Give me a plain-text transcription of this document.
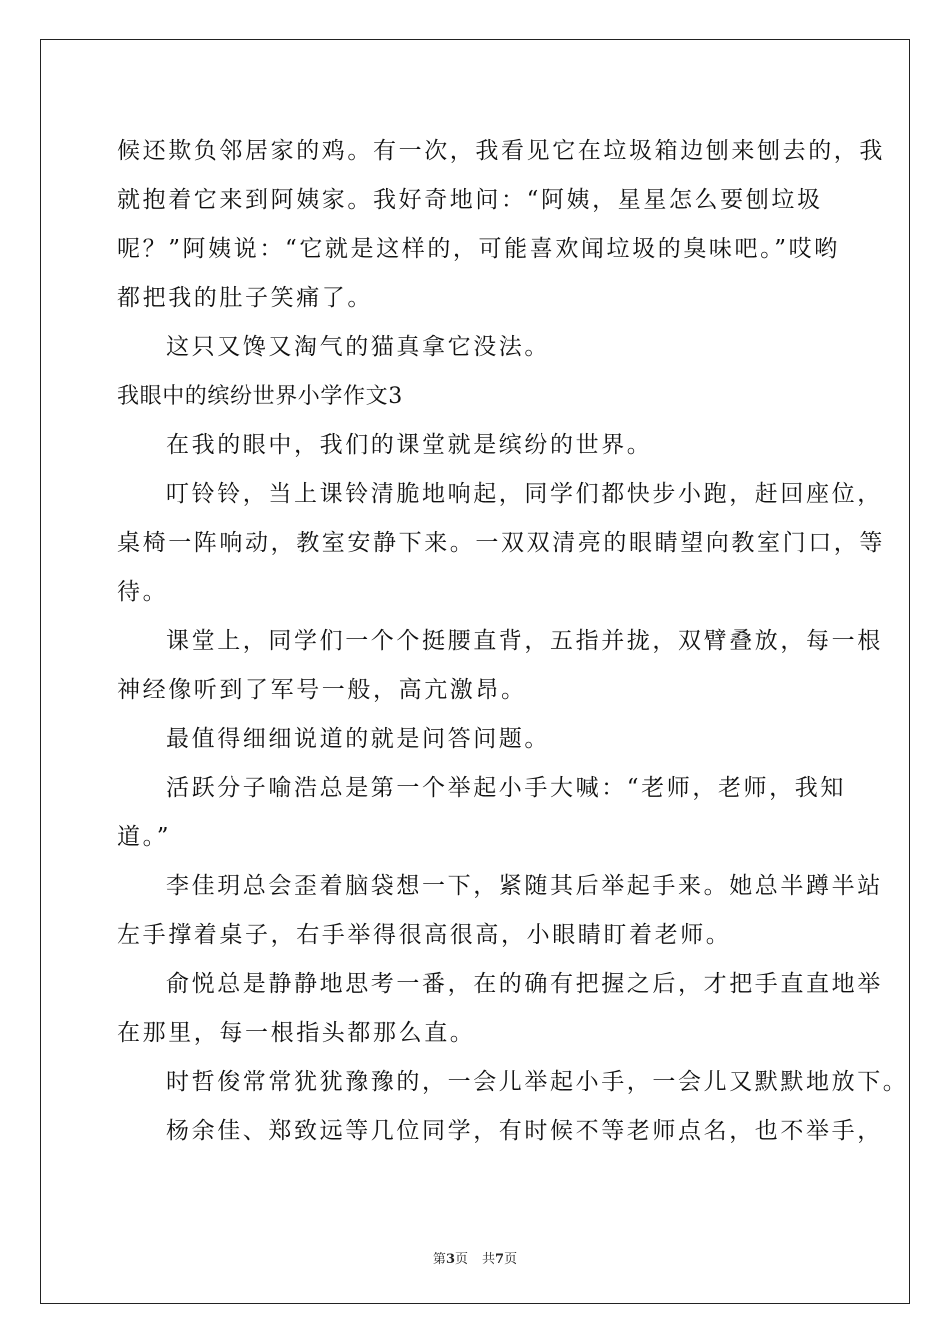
候还欺负邻居家的鸡。有一次，我看见它在垃圾箱边刨来刨去的，我
就抱着它来到阿姨家。我好奇地问：“阿姨，星星怎么要刨垃圾
呢？”阿姨说：“它就是这样的，可能喜欢闻垃圾的臭味吧。”哎哟
都把我的肚子笑痛了。
这只又馋又淘气的猫真拿它没法。
我眼中的缤纷世界小学作文3
在我的眼中，我们的课堂就是缤纷的世界。
叮铃铃，当上课铃清脆地响起，同学们都快步小跑，赶回座位，
桌椅一阵响动，教室安静下来。一双双清亮的眼睛望向教室门口，等
待。
课堂上，同学们一个个挺腰直背，五指并拢，双臂叠放，每一根
神经像听到了军号一般，高亢激昂。
最值得细细说道的就是问答问题。
活跃分子喻浩总是第一个举起小手大喊：“老师，老师，我知
道。”
李佳玥总会歪着脑袋想一下，紧随其后举起手来。她总半蹲半站
左手撑着桌子，右手举得很高很高，小眼睛盯着老师。
俞悦总是静静地思考一番，在的确有把握之后，才把手直直地举
在那里，每一根指头都那么直。
时哲俊常常犹犹豫豫的，一会儿举起小手，一会儿又默默地放下。
杨余佳、郑致远等几位同学，有时候不等老师点名，也不举手，
第3页 共7页
